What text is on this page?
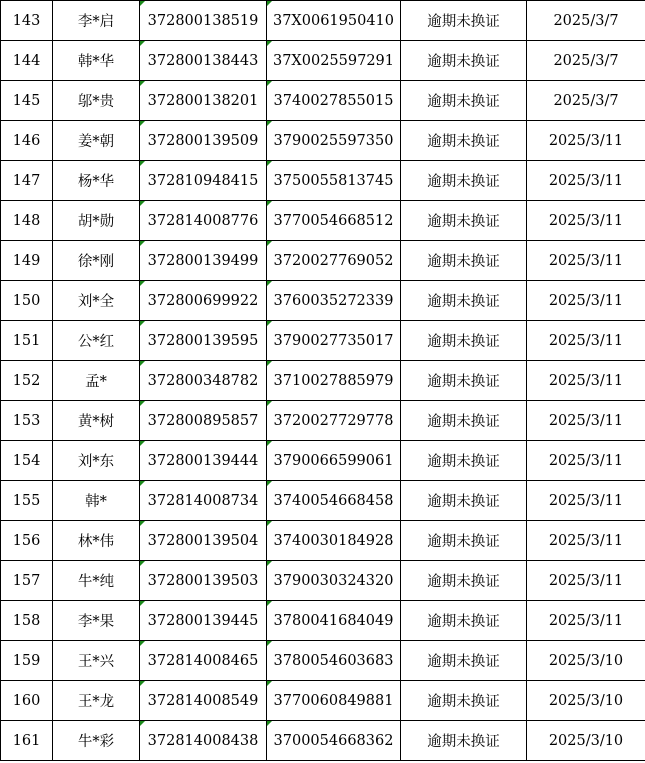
143	李*启	372800138519	37X0061950410	逾期未换证	2025/3/7
144	韩*华	372800138443	37X0025597291	逾期未换证	2025/3/7
145	邬*贵	372800138201	3740027855015	逾期未换证	2025/3/7
146	姜*朝	372800139509	3790025597350	逾期未换证	2025/3/11
147	杨*华	372810948415	3750055813745	逾期未换证	2025/3/11
148	胡*勋	372814008776	3770054668512	逾期未换证	2025/3/11
149	徐*刚	372800139499	3720027769052	逾期未换证	2025/3/11
150	刘*全	372800699922	3760035272339	逾期未换证	2025/3/11
151	公*红	372800139595	3790027735017	逾期未换证	2025/3/11
152	孟*	372800348782	3710027885979	逾期未换证	2025/3/11
153	黄*树	372800895857	3720027729778	逾期未换证	2025/3/11
154	刘*东	372800139444	3790066599061	逾期未换证	2025/3/11
155	韩*	372814008734	3740054668458	逾期未换证	2025/3/11
156	林*伟	372800139504	3740030184928	逾期未换证	2025/3/11
157	牛*纯	372800139503	3790030324320	逾期未换证	2025/3/11
158	李*果	372800139445	3780041684049	逾期未换证	2025/3/11
159	王*兴	372814008465	3780054603683	逾期未换证	2025/3/10
160	王*龙	372814008549	3770060849881	逾期未换证	2025/3/10
161	牛*彩	372814008438	3700054668362	逾期未换证	2025/3/10
